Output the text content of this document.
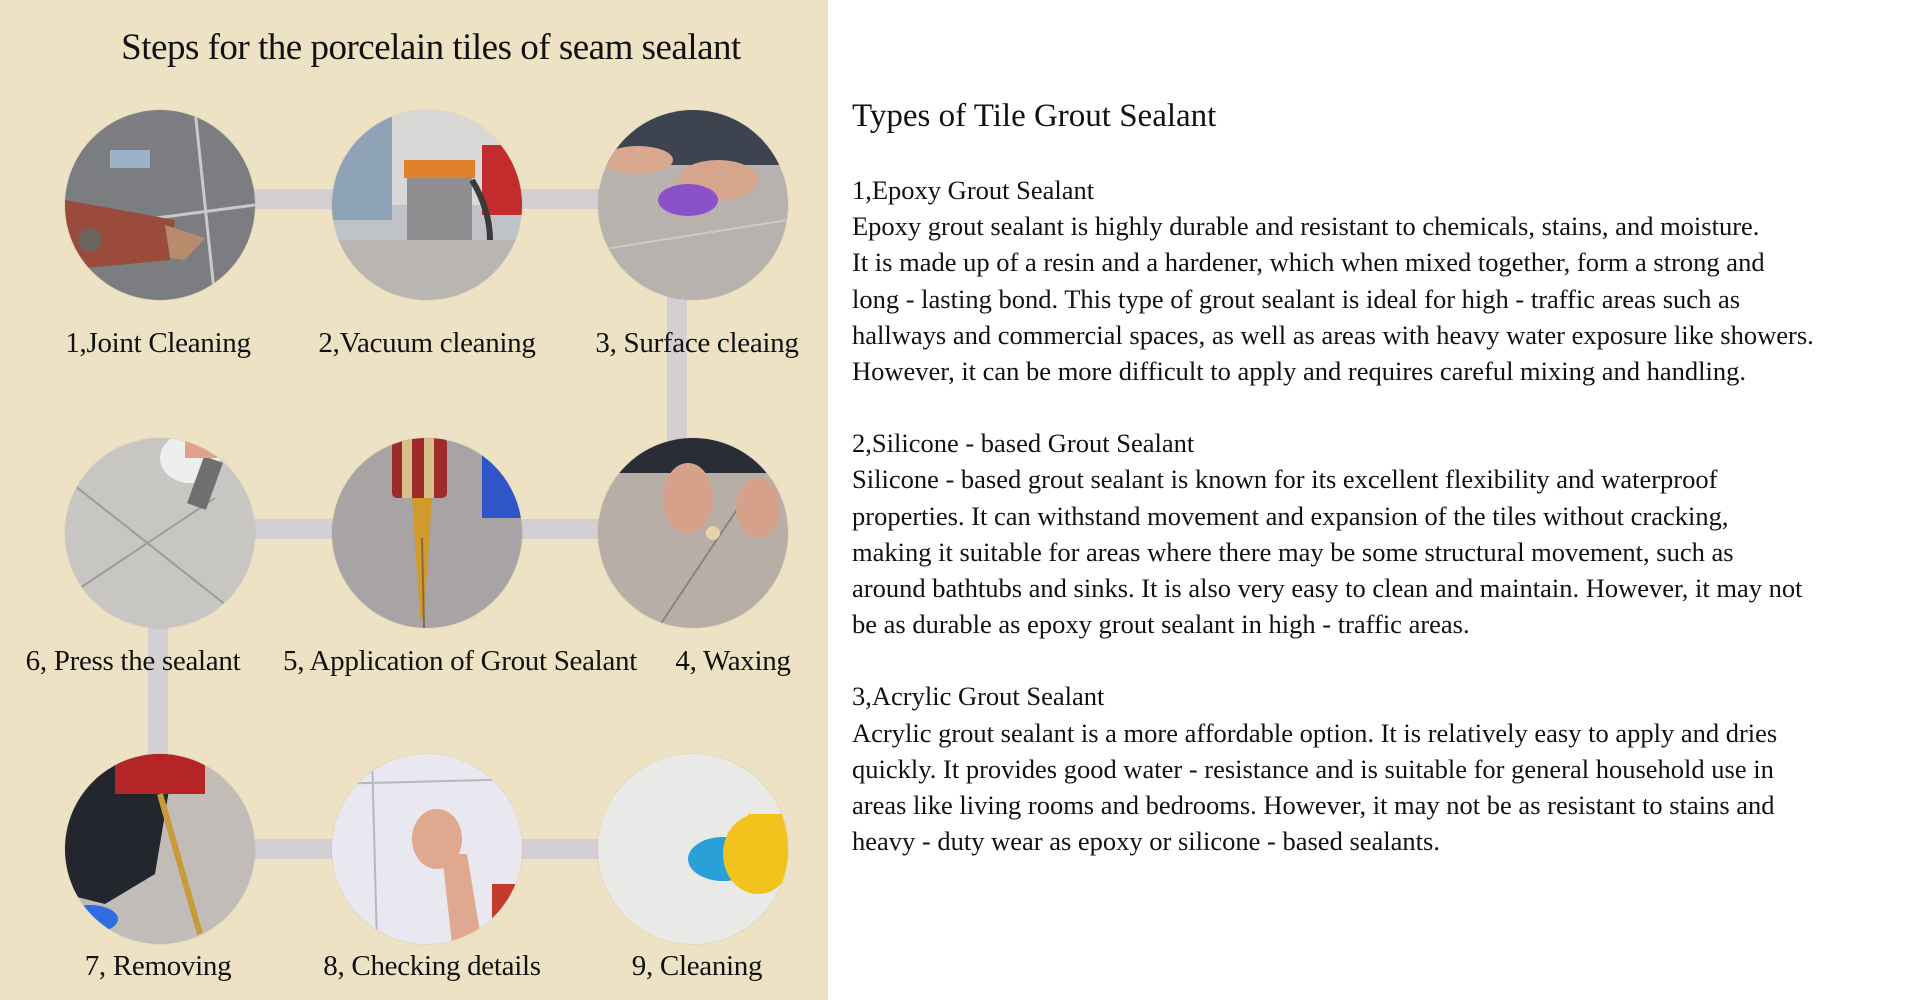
Steps for the porcelain tiles of seam sealant
1,Joint Cleaning 2,Vacuum cleaning 3, Surface cleaing
6, Press the sealant 5, Application of Grout Sealant 4, Waxing
7, Removing	8, Checking details	9, Cleaning
Types of Tile Grout Sealant
1,Epoxy Grout Sealant
Epoxy grout sealant is highly durable and resistant to chemicals, stains, and moisture.
It is made up of a resin and a hardener, which when mixed together, form a strong and
long - lasting bond. This type of grout sealant is ideal for high - traffic areas such as
hallways and commercial spaces, as well as areas with heavy water exposure like showers.
However, it can be more difficult to apply and requires careful mixing and handling.
2,Silicone - based Grout Sealant
Silicone - based grout sealant is known for its excellent flexibility and waterproof
properties. It can withstand movement and expansion of the tiles without cracking,
making it suitable for areas where there may be some structural movement, such as
around bathtubs and sinks. It is also very easy to clean and maintain. However, it may not
be as durable as epoxy grout sealant in high - traffic areas.
3,Acrylic Grout Sealant
Acrylic grout sealant is a more affordable option. It is relatively easy to apply and dries
quickly. It provides good water - resistance and is suitable for general household use in
areas like living rooms and bedrooms. However, it may not be as resistant to stains and
heavy - duty wear as epoxy or silicone - based sealants.
